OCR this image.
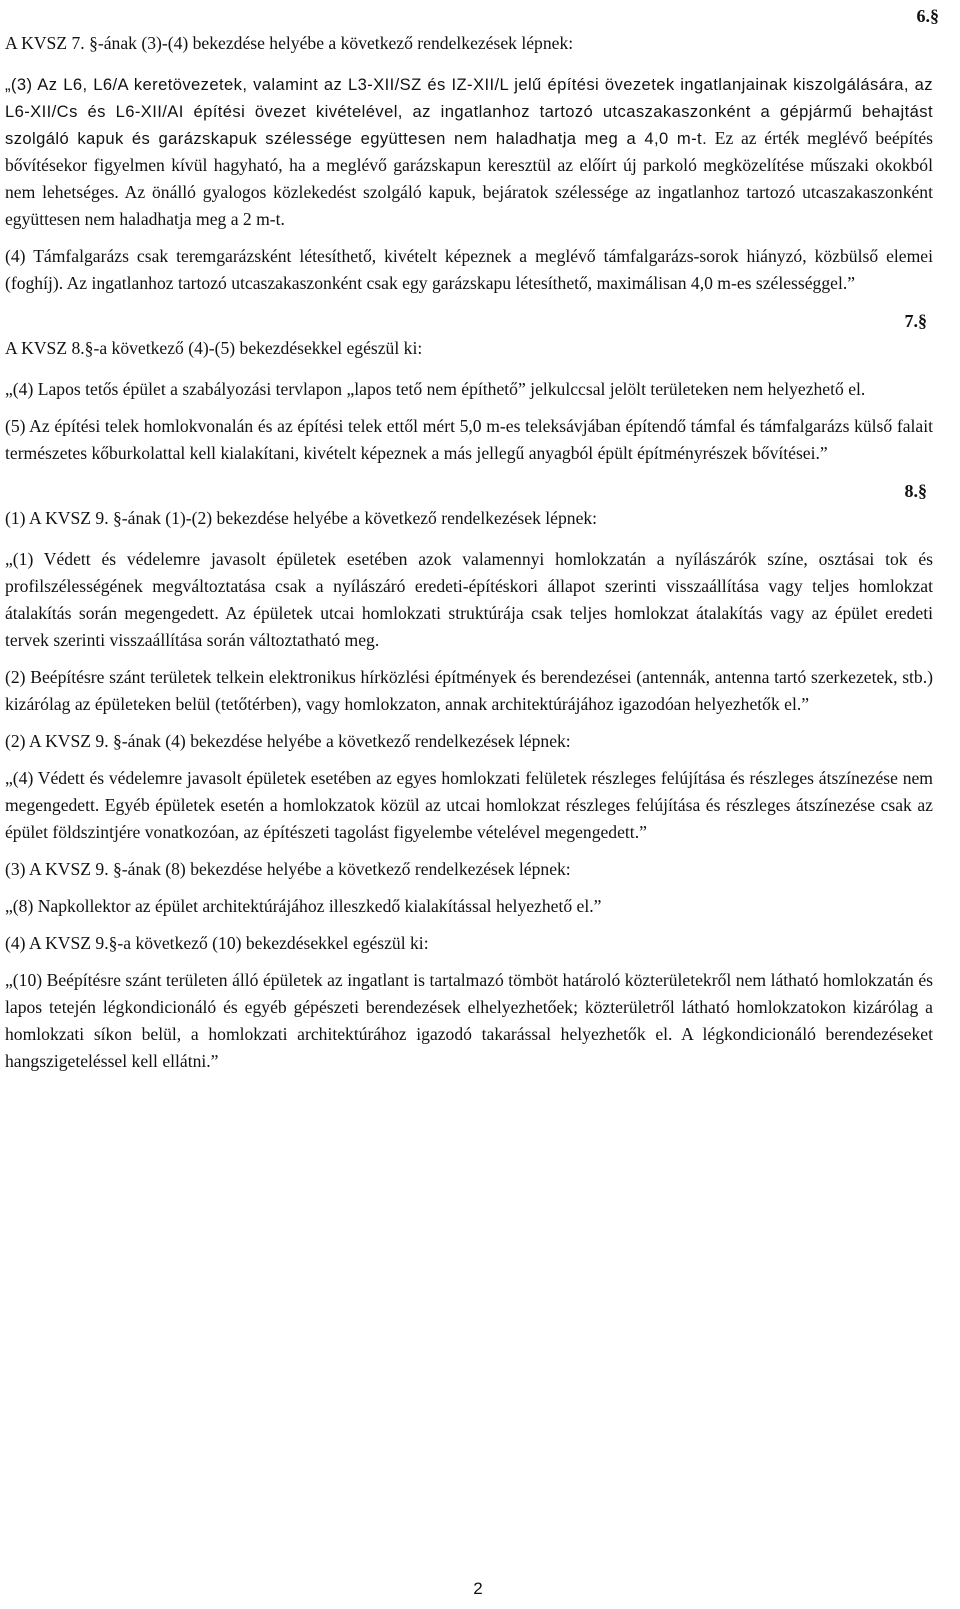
6.§

A KVSZ 7. §-ának (3)-(4) bekezdése helyébe a következő rendelkezések lépnek:

„(3) Az L6, L6/A keretövezetek, valamint az L3-XII/SZ és IZ-XII/L jelű építési övezetek ingatlanjainak kiszolgálására, az L6-XII/Cs és L6-XII/AI építési övezet kivételével, az ingatlanhoz tartozó utcaszakaszonként a gépjármű behajtást szolgáló kapuk és garázskapuk szélessége együttesen nem haladhatja meg a 4,0 m-t. Ez az érték meglévő beépítés bővítésekor figyelmen kívül hagyható, ha a meglévő garázskapun keresztül az előírt új parkoló megközelítése műszaki okokból nem lehetséges. Az önálló gyalogos közlekedést szolgáló kapuk, bejáratok szélessége az ingatlanhoz tartozó utcaszakaszonként együttesen nem haladhatja meg a 2 m-t.

(4) Támfalgarázs csak teremgarázsként létesíthető, kivételt képeznek a meglévő támfalgarázs-sorok hiányzó, közbülső elemei (foghíj). Az ingatlanhoz tartozó utcaszakaszonként csak egy garázskapu létesíthető, maximálisan 4,0 m-es szélességgel.”

7.§

A KVSZ 8.§-a következő (4)-(5) bekezdésekkel egészül ki:

„(4) Lapos tetős épület a szabályozási tervlapon „lapos tető nem építhető” jelkulccsal jelölt területeken nem helyezhető el.

(5) Az építési telek homlokvonalán és az építési telek ettől mért 5,0 m-es teleksávjában építendő támfal és támfalgarázs külső falait természetes kőburkolattal kell kialakítani, kivételt képeznek a más jellegű anyagból épült építményrészek bővítései.”

8.§

(1) A KVSZ 9. §-ának (1)-(2) bekezdése helyébe a következő rendelkezések lépnek:

„(1) Védett és védelemre javasolt épületek esetében azok valamennyi homlokzatán a nyílászárók színe, osztásai tok és profilszélességének megváltoztatása csak a nyílászáró eredeti-építéskori állapot szerinti visszaállítása vagy teljes homlokzat átalakítás során megengedett. Az épületek utcai homlokzati struktúrája csak teljes homlokzat átalakítás vagy az épület eredeti tervek szerinti visszaállítása során változtatható meg.

(2) Beépítésre szánt területek telkein elektronikus hírközlési építmények és berendezései (antennák, antenna tartó szerkezetek, stb.) kizárólag az épületeken belül (tetőtérben), vagy homlokzaton, annak architektúrájához igazodóan helyezhetők el.”

(2) A KVSZ 9. §-ának (4) bekezdése helyébe a következő rendelkezések lépnek:

„(4) Védett és védelemre javasolt épületek esetében az egyes homlokzati felületek részleges felújítása és részleges átszínezése nem megengedett. Egyéb épületek esetén a homlokzatok közül az utcai homlokzat részleges felújítása és részleges átszínezése csak az épület földszintjére vonatkozóan, az építészeti tagolást figyelembe vételével megengedett.”

(3) A KVSZ 9. §-ának (8) bekezdése helyébe a következő rendelkezések lépnek:

„(8) Napkollektor az épület architektúrájához illeszkedő kialakítással helyezhető el.”

(4) A KVSZ 9.§-a következő (10) bekezdésekkel egészül ki:

„(10) Beépítésre szánt területen álló épületek az ingatlant is tartalmazó tömböt határoló közterületekről nem látható homlokzatán és lapos tetején légkondicionáló és egyéb gépészeti berendezések elhelyezhetőek; közterületről látható homlokzatokon kizárólag a homlokzati síkon belül, a homlokzati architektúrához igazodó takarással helyezhetők el. A légkondicionáló berendezéseket hangszigeteléssel kell ellátni.”

2
